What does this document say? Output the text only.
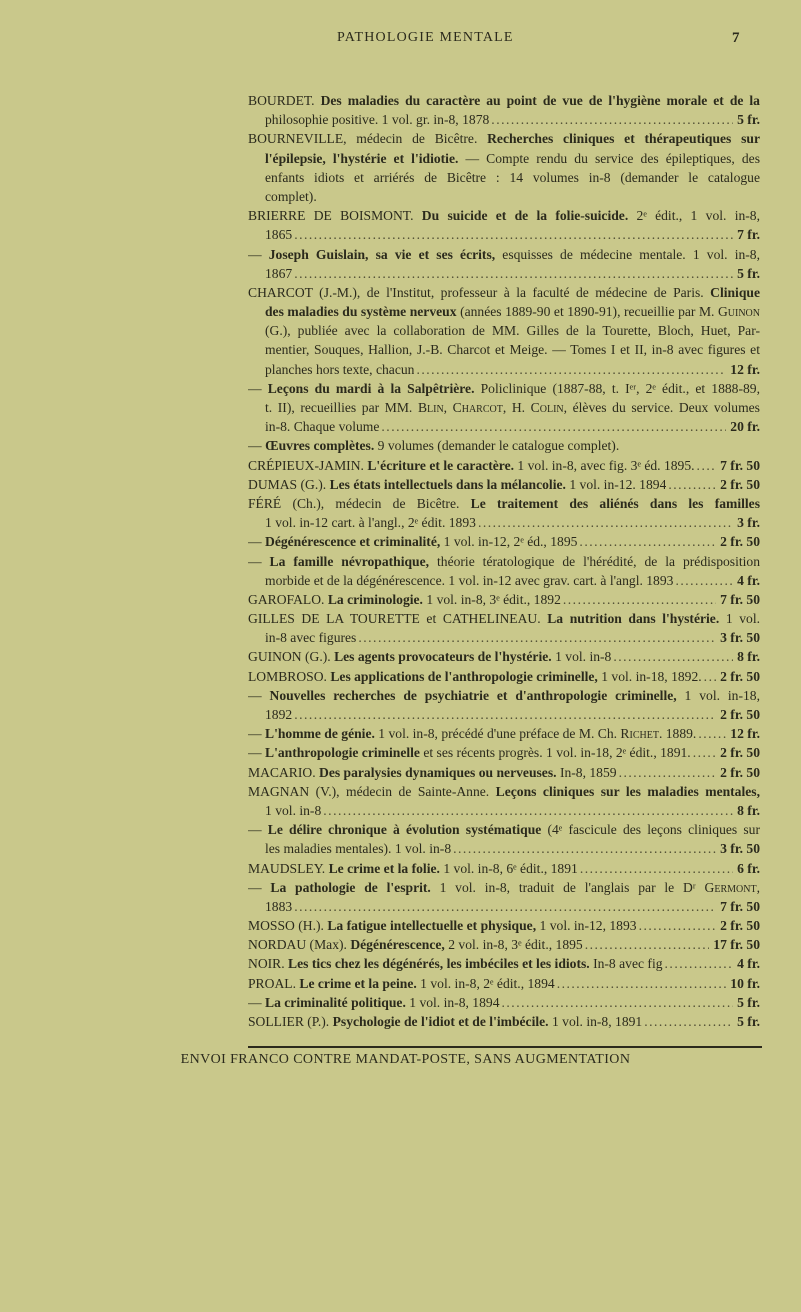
PATHOLOGIE MENTALE	7
BOURDET. Des maladies du caractère au point de vue de l'hygiène morale et de la
philosophie positive. 1 vol. gr. in-8, 1878 .....	5 fr.
BOURNEVILLE, médecin de Bicêtre. Recherches cliniques et thérapeutiques sur
l'épilepsie, l'hystérie et l'idiotie. — Compte rendu du service des épileptiques, des
enfants idiots et arriérés de Bicêtre : 14 volumes in-8 (demander le catalogue
complet).
BRIERRE DE BOISMONT. Du suicide et de la folie-suicide. 2ᵉ édit., 1 vol. in-8,
1865 .....	7 fr.
— Joseph Guislain, sa vie et ses écrits, esquisses de médecine mentale. 1 vol. in-8,
1867 .....	5 fr.
CHARCOT (J.-M.), de l'Institut, professeur à la faculté de médecine de Paris. Clinique
des maladies du système nerveux (années 1889-90 et 1890-91), recueillie par M. Guinon
(G.), publiée avec la collaboration de MM. Gilles de la Tourette, Bloch, Huet, Par-
mentier, Souques, Hallion, J.-B. Charcot et Meige. — Tomes I et II, in-8 avec figures et
planches hors texte, chacun .....	12 fr.
— Leçons du mardi à la Salpêtrière. Policlinique (1887-88, t. Iᵉʳ, 2ᵉ édit., et 1888-89,
t. II), recueillies par MM. Blin, Charcot, H. Colin, élèves du service. Deux volumes
in-8. Chaque volume .....	20 fr.
— Œuvres complètes. 9 volumes (demander le catalogue complet).
CRÉPIEUX-JAMIN. L'écriture et le caractère. 1 vol. in-8, avec fig. 3ᵉ éd. 1895. ..... 7 fr. 50
DUMAS (G.). Les états intellectuels dans la mélancolie. 1 vol. in-12. 1894 .....	2 fr. 50
FÉRÉ (Ch.), médecin de Bicêtre. Le traitement des aliénés dans les familles
1 vol. in-12 cart. à l'angl., 2ᵉ édit. 1893 .....	3 fr.
— Dégénérescence et criminalité, 1 vol. in-12, 2ᵉ éd., 1895 .....	2 fr. 50
— La famille névropathique, théorie tératologique de l'hérédité, de la prédisposition
morbide et de la dégénérescence. 1 vol. in-12 avec grav. cart. à l'angl. 1893 .....	4 fr.
GAROFALO. La criminologie. 1 vol. in-8, 3ᵉ édit., 1892 .....	7 fr. 50
GILLES DE LA TOURETTE et CATHELINEAU. La nutrition dans l'hystérie. 1 vol.
in-8 avec figures .....	3 fr. 50
GUINON (G.). Les agents provocateurs de l'hystérie. 1 vol. in-8 .....	8 fr.
LOMBROSO. Les applications de l'anthropologie criminelle, 1 vol. in-18, 1892. ..... 2 fr. 50
— Nouvelles recherches de psychiatrie et d'anthropologie criminelle, 1 vol. in-18,
1892 .....	2 fr. 50
— L'homme de génie. 1 vol. in-8, précédé d'une préface de M. Ch. Richet. 1889. ..... 12 fr.
— L'anthropologie criminelle et ses récents progrès. 1 vol. in-18, 2ᵉ édit., 1891. ..... 2 fr. 50
MACARIO. Des paralysies dynamiques ou nerveuses. In-8, 1859 .....	2 fr. 50
MAGNAN (V.), médecin de Sainte-Anne. Leçons cliniques sur les maladies mentales,
1 vol. in-8 .....	8 fr.
— Le délire chronique à évolution systématique (4ᵉ fascicule des leçons cliniques sur
les maladies mentales). 1 vol. in-8 .....	3 fr. 50
MAUDSLEY. Le crime et la folie. 1 vol. in-8, 6ᵉ édit., 1891 .....	6 fr.
— La pathologie de l'esprit. 1 vol. in-8, traduit de l'anglais par le Dʳ Germont,
1883 .....	7 fr. 50
MOSSO (H.). La fatigue intellectuelle et physique, 1 vol. in-12, 1893 .....	2 fr. 50
NORDAU (Max). Dégénérescence, 2 vol. in-8, 3ᵉ édit., 1895 .....	17 fr. 50
NOIR. Les tics chez les dégénérés, les imbéciles et les idiots. In-8 avec fig .....	4 fr.
PROAL. Le crime et la peine. 1 vol. in-8, 2ᵉ édit., 1894 .....	10 fr.
— La criminalité politique. 1 vol. in-8, 1894 .....	5 fr.
SOLLIER (P.). Psychologie de l'idiot et de l'imbécile. 1 vol. in-8, 1891 .....	5 fr.
ENVOI FRANCO CONTRE MANDAT-POSTE, SANS AUGMENTATION
